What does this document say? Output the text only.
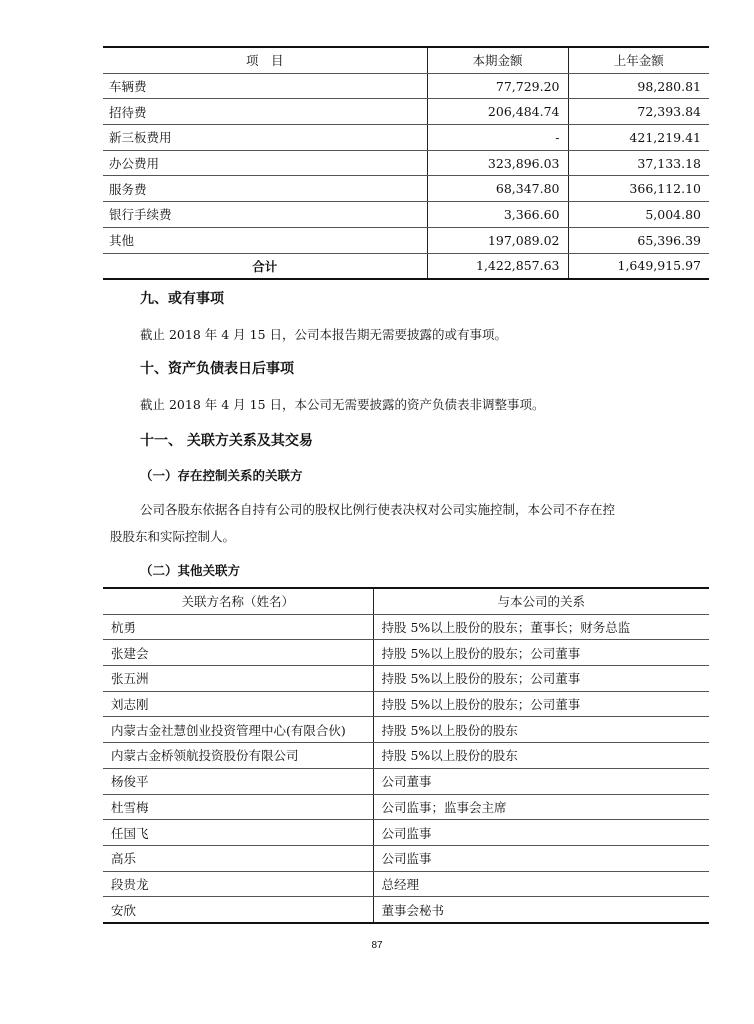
项　目	本期金额	上年金额
车辆费	77,729.20	98,280.81
招待费	206,484.74	72,393.84
新三板费用	-	421,219.41
办公费用	323,896.03	37,133.18
服务费	68,347.80	366,112.10
银行手续费	3,366.60	5,004.80
其他	197,089.02	65,396.39
合计	1,422,857.63	1,649,915.97
九、或有事项
截止 2018 年 4 月 15 日，公司本报告期无需要披露的或有事项。
十、资产负债表日后事项
截止 2018 年 4 月 15 日，本公司无需要披露的资产负债表非调整事项。
十一、 关联方关系及其交易
（一）存在控制关系的关联方
公司各股东依据各自持有公司的股权比例行使表决权对公司实施控制，本公司不存在控
股股东和实际控制人。
（二）其他关联方
关联方名称（姓名）	与本公司的关系
杭勇	持股 5%以上股份的股东；董事长；财务总监
张建会	持股 5%以上股份的股东；公司董事
张五洲	持股 5%以上股份的股东；公司董事
刘志刚	持股 5%以上股份的股东；公司董事
内蒙古金社慧创业投资管理中心(有限合伙)	持股 5%以上股份的股东
内蒙古金桥领航投资股份有限公司	持股 5%以上股份的股东
杨俊平	公司董事
杜雪梅	公司监事；监事会主席
任国飞	公司监事
高乐	公司监事
段贵龙	总经理
安欣	董事会秘书
87
